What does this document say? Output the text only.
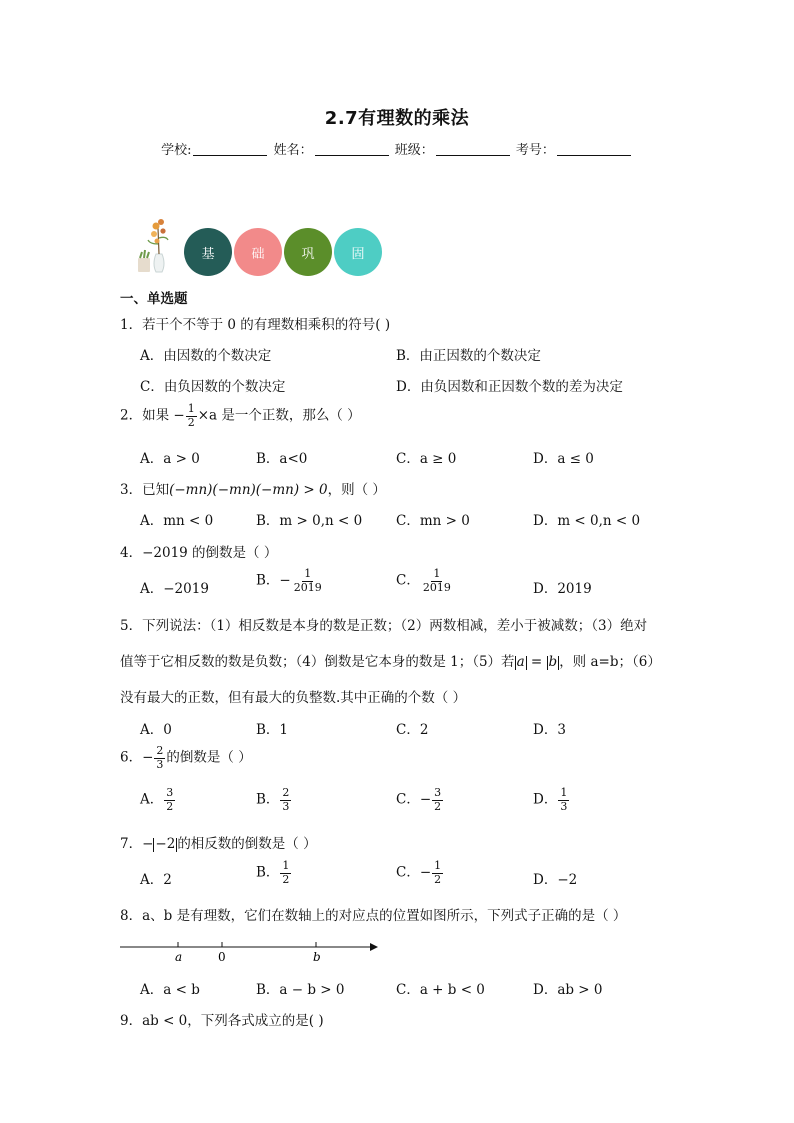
2.7有理数的乘法
学校:	姓名：	班级：	考号：
基	础	巩	固
一、单选题
1．若干个不等于 0 的有理数相乘积的符号( )
A．由因数的个数决定	B．由正因数的个数决定
C．由负因数的个数决定	D．由负因数和正因数个数的差为决定
2．如果 − $\frac{1}{2} \times a$ 是一个正数，那么（ ）
A．a > 0	B．a<0	C．a ≥ 0	D．a ≤ 0
3．已知(−mn)(−mn)(−mn) > 0，则（ ）
A．mn < 0	B．m > 0,n < 0	C．mn > 0	D．m < 0,n < 0
4．−2019 的倒数是（ ）
A．−2019
B．− $\frac{1}{2019}$	C． $\frac{1}{2019}$	D．2019
5．下列说法：（1）相反数是本身的数是正数；（2）两数相减，差小于被减数；（3）绝对
值等于它相反数的数是负数；（4）倒数是它本身的数是 1；（5）若 a = b ，则 a=b；（6）
没有最大的正数，但有最大的负整数.其中正确的个数（ ）
A．0	B．1	C．2	D．3
6．− $\frac{2}{3}$ 的倒数是（ ）
A． $\frac{3}{2}$	B． $\frac{2}{3}$	C．− $\frac{3}{2}$	D． $\frac{1}{3}$
7．− −2 的相反数的倒数是（ ）
A．2	B． $\frac{1}{2}$	C．− $\frac{1}{2}$	D．−2
8．a、b 是有理数，它们在数轴上的对应点的位置如图所示，下列式子正确的是（ ）
a	0	b
A．a < b	B．a − b > 0	C．a + b < 0	D．ab > 0
9．ab < 0，下列各式成立的是( )
